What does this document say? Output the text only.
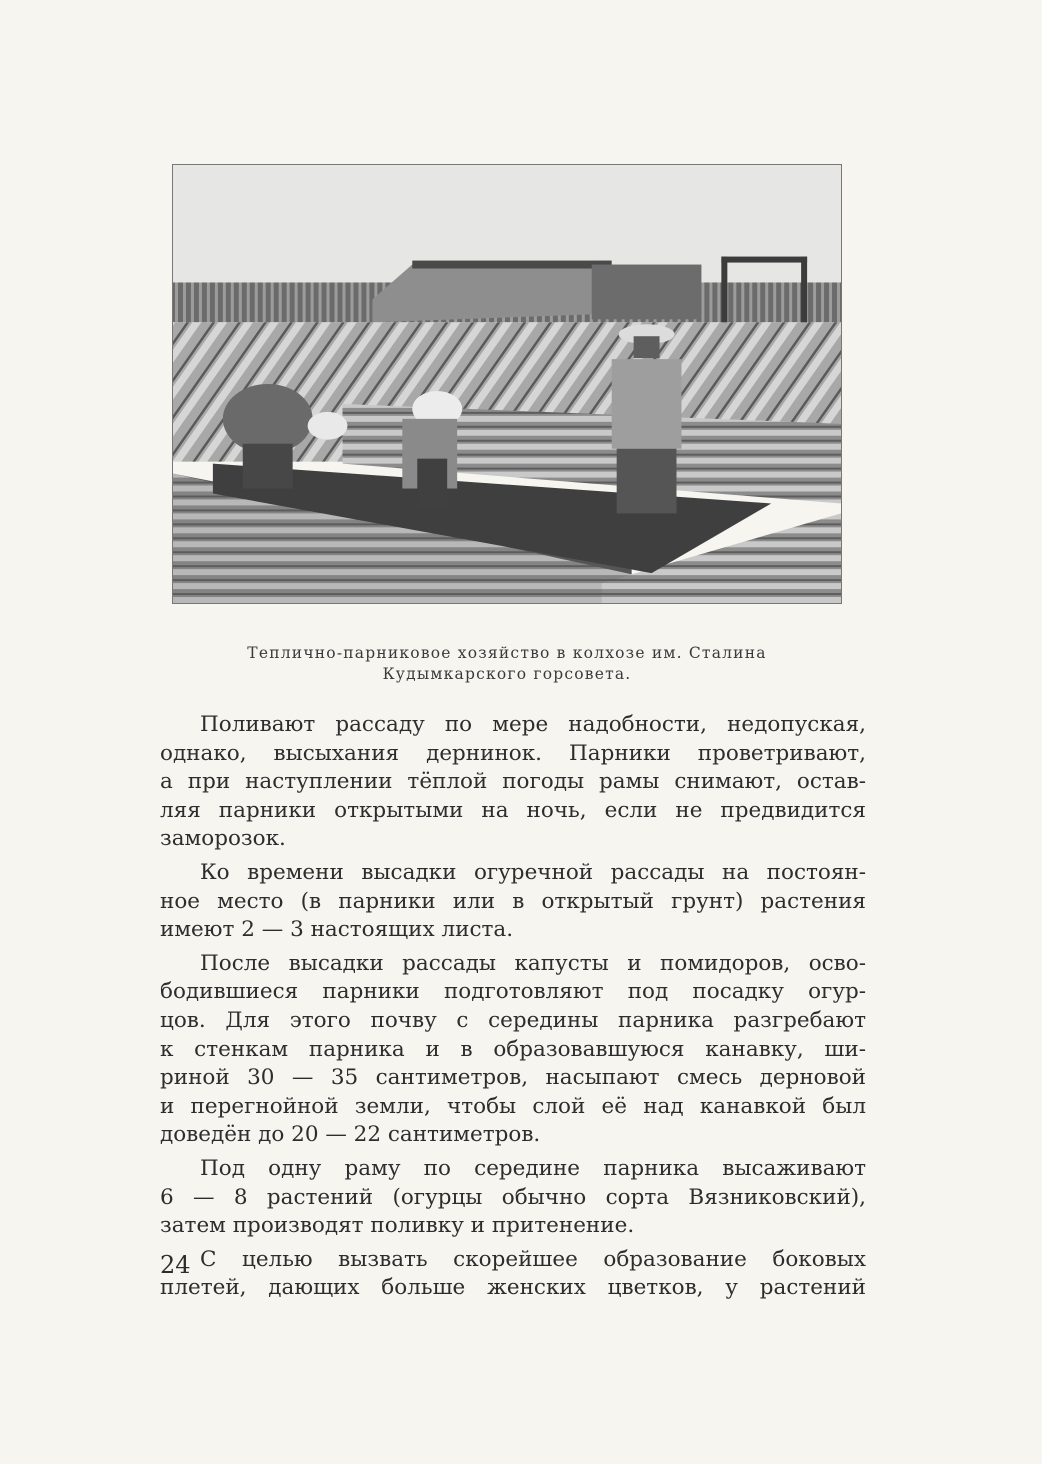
Теплично-парниковое хозяйство в колхозе им. Сталина
Кудымкарского горсовета.
Поливают рассаду по мере надобности, недопуская,
однако, высыхания дернинок. Парники проветривают,
а при наступлении тёплой погоды рамы снимают, остав-
ляя парники открытыми на ночь, если не предвидится
заморозок.
Ко времени высадки огуречной рассады на постоян-
ное место (в парники или в открытый грунт) растения
имеют 2 — 3 настоящих листа.
После высадки рассады капусты и помидоров, осво-
бодившиеся парники подготовляют под посадку огур-
цов. Для этого почву с середины парника разгребают
к стенкам парника и в образовавшуюся канавку, ши-
риной 30 — 35 сантиметров, насыпают смесь дерновой
и перегнойной земли, чтобы слой её над канавкой был
доведён до 20 — 22 сантиметров.
Под одну раму по середине парника высаживают
6 — 8 растений (огурцы обычно сорта Вязниковский),
затем производят поливку и притенение.
С целью вызвать скорейшее образование боковых
плетей, дающих больше женских цветков, у растений
24
